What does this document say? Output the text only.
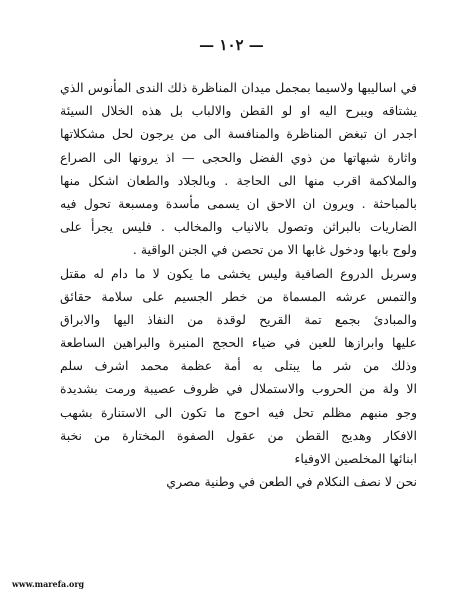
— ١٠٢ —
في اساليبها ولاسيما بمجمل ميدان المناظرة ذلك الندى المأنوس الذي
يشتاقه ويبرح اليه او لو القطن والالباب بل هذه الخلال السيئة
اجدر ان تبغض المناظرة والمنافسة الى من يرجون لحل مشكلاتها
واثارة شبهاتها من ذوي الفضل والحجى — اذ يرونها الى الصراع
والملاكمة اقرب منها الى الحاجة . وبالجلاد والطعان اشكل منها
بالمباحثة . ويرون ان الاحق ان يسمى مأسدة ومسبعة تحول فيه
الضاريات بالبراثن وتصول بالانياب والمخالب . فليس يجرأ على
ولوج بابها ودخول غابها الا من تحصن في الجنن الواقية .
وسربل الدروع الصافية وليس يخشى ما يكون لا ما دام له مقتل
والتمس عرشه المسماة من خطر الجسيم على سلامة حقائق
والمبادئ بجمع تمة القريح لوقدة من النفاذ اليها والابراق
عليها وابرازها للعين في ضياء الحجج المنيرة والبراهين الساطعة
وذلك من شر ما يبتلى به أمة عظمة محمد اشرف سلم
الا ولة من الحروب والاستملال في ظروف عصيبة ورمت بشديدة
وجو منبهم مظلم تحل فيه احوج ما تكون الى الاستنارة بشهب
الافكار وهديج القطن من عقول الصفوة المختارة من نخبة
ابنائها المخلصين الاوفياء
نحن لا نصف النكلام في الطعن في وطنية مصري
www.marefa.org
